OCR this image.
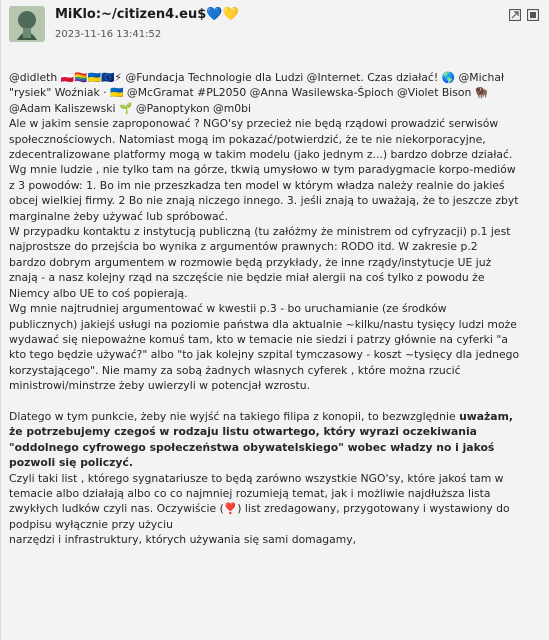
MiKlo:~/citizen4.eu$💙💛
2023-11-16 13:41:52

@didleth 🇵🇱🏳️‍🌈🇺🇦🇪🇺⚡ @Fundacja Technologie dla Ludzi @Internet. Czas działać! 🌎 @Michał
"rysiek" Woźniak · 🇺🇦 @McGramat #PL2050 @Anna Wasilewska-Śpioch @Violet Bison 🦬
@Adam Kaliszewski 🌱 @Panoptykon @m0bi

Ale w jakim sensie zaproponować ? NGO'sy przecież nie będą rządowi prowadzić serwisów
społecznościowych. Natomiast mogą im pokazać/potwierdzić, że te nie niekorporacyjne,
zdecentralizowane platformy mogą w takim modelu (jako jednym z...) bardzo dobrze działać.
Wg mnie ludzie , nie tylko tam na górze, tkwią umysłowo w tym paradygmacie korpo-mediów
z 3 powodów: 1. Bo im nie przeszkadza ten model w którym władza należy realnie do jakieś
obcej wielkiej firmy. 2 Bo nie znają niczego innego. 3. jeśli znają to uważają, że to jeszcze zbyt
marginalne żeby używać lub spróbować.
W przypadku kontaktu z instytucją publiczną (tu załóżmy że ministrem od cyfryzacji) p.1 jest
najprostsze do przejścia bo wynika z argumentów prawnych: RODO itd. W zakresie p.2
bardzo dobrym argumentem w rozmowie będą przykłady, że inne rządy/instytucje UE już
znają - a nasz kolejny rząd na szczęście nie będzie miał alergii na coś tylko z powodu że
Niemcy albo UE to coś popierają.
Wg mnie najtrudniej argumentować w kwestii p.3 - bo uruchamianie (ze środków
publicznych) jakiejś usługi na poziomie państwa dla aktualnie ~kilku/nastu tysięcy ludzi może
wydawać się niepoważne komuś tam, kto w temacie nie siedzi i patrzy głównie na cyferki "a
kto tego będzie używać?" albo "to jak kolejny szpital tymczasowy - koszt ~tysięcy dla jednego
korzystającego". Nie mamy za sobą żadnych własnych cyferek , które można rzucić
ministrowi/minstrze żeby uwierzyli w potencjał wzrostu.

Dlatego w tym punkcie, żeby nie wyjść na takiego filipa z konopii, to bezwzględnie uważam,
że potrzebujemy czegoś w rodzaju listu otwartego, który wyrazi oczekiwania
"oddolnego cyfrowego społeczeństwa obywatelskiego" wobec władzy no i jakoś
pozwoli się policzyć.

Czyli taki list , którego sygnatariusze to będą zarówno wszystkie NGO'sy, które jakoś tam w
temacie albo działają albo co co najmniej rozumieją temat, jak i możliwie najdłuższa lista
zwykłych ludków czyli nas. Oczywiście (❣️) list zredagowany, przygotowany i wystawiony do
podpisu wyłącznie przy użyciu
narzędzi i infrastruktury, których używania się sami domagamy,
